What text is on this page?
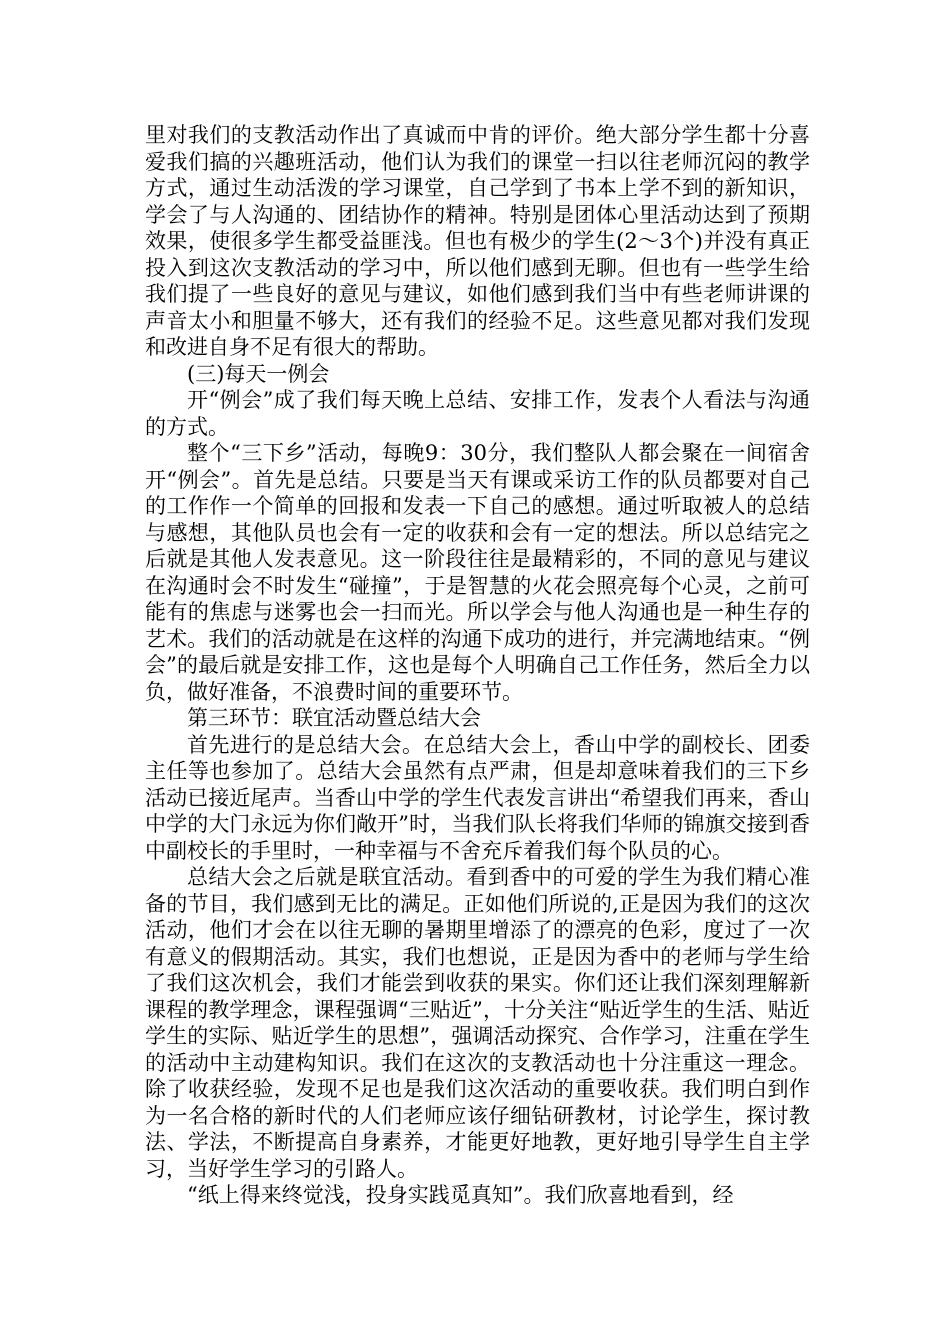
里对我们的支教活动作出了真诚而中肯的评价。绝大部分学生都十分喜爱我们搞的兴趣班活动，他们认为我们的课堂一扫以往老师沉闷的教学方式，通过生动活泼的学习课堂，自己学到了书本上学不到的新知识，学会了与人沟通的、团结协作的精神。特别是团体心里活动达到了预期效果，使很多学生都受益匪浅。但也有极少的学生(2～3个)并没有真正投入到这次支教活动的学习中，所以他们感到无聊。但也有一些学生给我们提了一些良好的意见与建议，如他们感到我们当中有些老师讲课的声音太小和胆量不够大，还有我们的经验不足。这些意见都对我们发现和改进自身不足有很大的帮助。

(三)每天一例会

开“例会”成了我们每天晚上总结、安排工作，发表个人看法与沟通的方式。

整个“三下乡”活动，每晚9：30分，我们整队人都会聚在一间宿舍开“例会”。首先是总结。只要是当天有课或采访工作的队员都要对自己的工作作一个简单的回报和发表一下自己的感想。通过听取被人的总结与感想，其他队员也会有一定的收获和会有一定的想法。所以总结完之后就是其他人发表意见。这一阶段往往是最精彩的，不同的意见与建议在沟通时会不时发生“碰撞”，于是智慧的火花会照亮每个心灵，之前可能有的焦虑与迷雾也会一扫而光。所以学会与他人沟通也是一种生存的艺术。我们的活动就是在这样的沟通下成功的进行，并完满地结束。“例会”的最后就是安排工作，这也是每个人明确自己工作任务，然后全力以负，做好准备，不浪费时间的重要环节。

第三环节：联宜活动暨总结大会

首先进行的是总结大会。在总结大会上，香山中学的副校长、团委主任等也参加了。总结大会虽然有点严肃，但是却意味着我们的三下乡活动已接近尾声。当香山中学的学生代表发言讲出“希望我们再来，香山中学的大门永远为你们敞开”时，当我们队长将我们华师的锦旗交接到香中副校长的手里时，一种幸福与不舍充斥着我们每个队员的心。

总结大会之后就是联宜活动。看到香中的可爱的学生为我们精心准备的节目，我们感到无比的满足。正如他们所说的,正是因为我们的这次活动，他们才会在以往无聊的暑期里增添了的漂亮的色彩，度过了一次有意义的假期活动。其实，我们也想说，正是因为香中的老师与学生给了我们这次机会，我们才能尝到收获的果实。你们还让我们深刻理解新课程的教学理念，课程强调“三贴近”，十分关注“贴近学生的生活、贴近学生的实际、贴近学生的思想”，强调活动探究、合作学习，注重在学生的活动中主动建构知识。我们在这次的支教活动也十分注重这一理念。除了收获经验，发现不足也是我们这次活动的重要收获。我们明白到作为一名合格的新时代的人们老师应该仔细钻研教材，讨论学生，探讨教法、学法，不断提高自身素养，才能更好地教，更好地引导学生自主学习，当好学生学习的引路人。

“纸上得来终觉浅，投身实践觅真知”。我们欣喜地看到，经
